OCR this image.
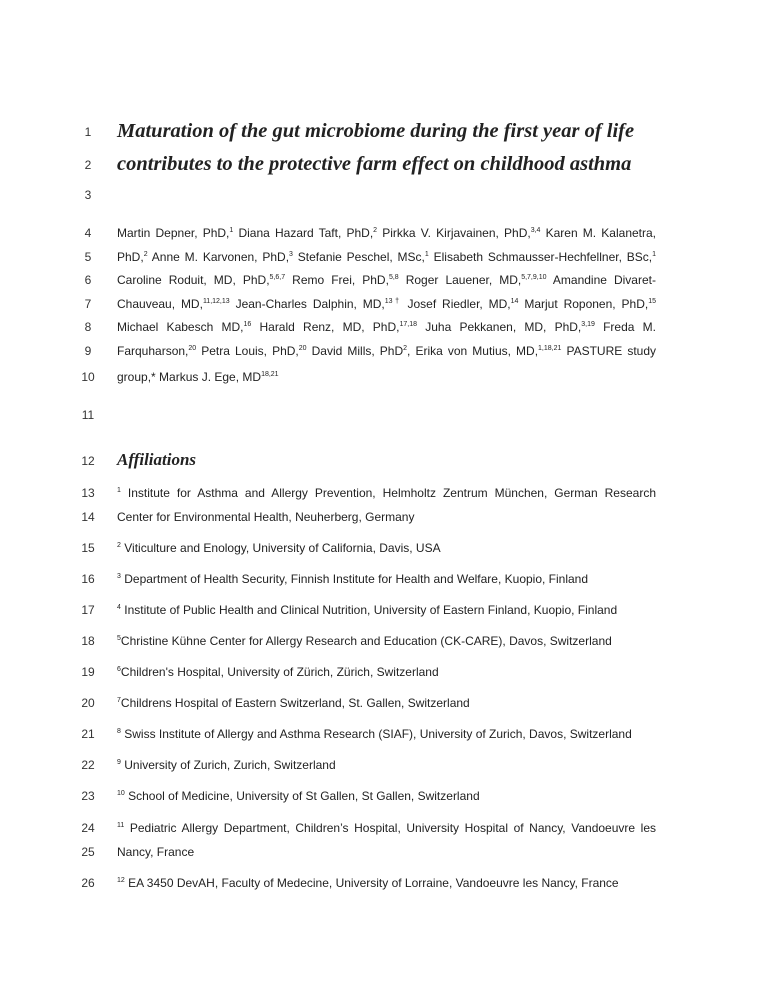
1
2
3
4
5
6
7
8
9
10
11
12
13
14
15
16
17
18
19
20
21
22
23
24
25
26
Maturation of the gut microbiome during the first year of life
contributes to the protective farm effect on childhood asthma
Martin Depner, PhD,$^1$ Diana Hazard Taft, PhD,$^2$ Pirkka V. Kirjavainen, PhD,$^{3,4}$ Karen M. Kalanetra,
PhD,$^2$ Anne M. Karvonen, PhD,$^3$ Stefanie Peschel, MSc,$^1$ Elisabeth Schmausser-Hechfellner, BSc,$^1$
Caroline Roduit, MD, PhD,$^{5,6,7}$ Remo Frei, PhD,$^{5,8}$ Roger Lauener, MD,$^{5,7,9,10}$ Amandine Divaret-
Chauveau, MD,$^{11,12,13}$ Jean-Charles Dalphin, MD,$^{13\dagger}$ Josef Riedler, MD,$^{14}$ Marjut Roponen, PhD,$^{15}$
Michael Kabesch MD,$^{16}$ Harald Renz, MD, PhD,$^{17,18}$ Juha Pekkanen, MD, PhD,$^{3,19}$ Freda M.
Farquharson,$^{20}$ Petra Louis, PhD,$^{20}$ David Mills, PhD$^2$, Erika von Mutius, MD,$^{1,18,21}$ PASTURE study
group,* Markus J. Ege, MD$^{18,21}$
Affiliations
$^1$ Institute for Asthma and Allergy Prevention, Helmholtz Zentrum München, German Research
Center for Environmental Health, Neuherberg, Germany
$^2$ Viticulture and Enology, University of California, Davis, USA
$^3$ Department of Health Security, Finnish Institute for Health and Welfare, Kuopio, Finland
$^4$ Institute of Public Health and Clinical Nutrition, University of Eastern Finland, Kuopio, Finland
$^5$Christine Kühne Center for Allergy Research and Education (CK-CARE), Davos, Switzerland
$^6$Children's Hospital, University of Zürich, Zürich, Switzerland
$^7$Childrens Hospital of Eastern Switzerland, St. Gallen, Switzerland
$^8$ Swiss Institute of Allergy and Asthma Research (SIAF), University of Zurich, Davos, Switzerland
$^9$ University of Zurich, Zurich, Switzerland
$^{10}$ School of Medicine, University of St Gallen, St Gallen, Switzerland
$^{11}$ Pediatric Allergy Department, Children’s Hospital, University Hospital of Nancy, Vandoeuvre les
Nancy, France
$^{12}$ EA 3450 DevAH, Faculty of Medecine, University of Lorraine, Vandoeuvre les Nancy, France
